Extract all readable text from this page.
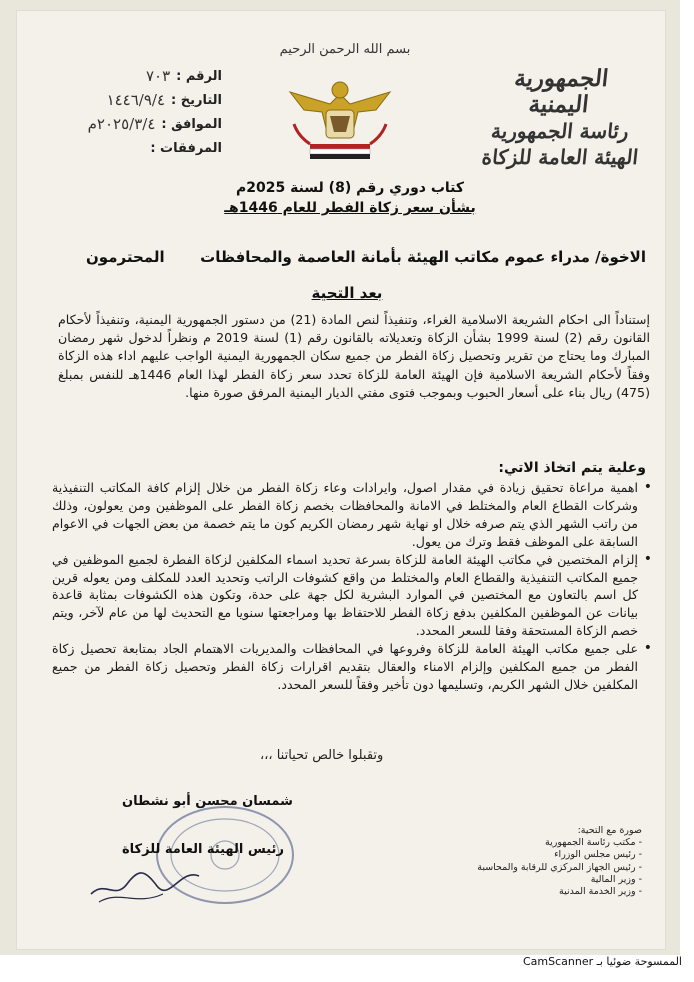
الجمهورية اليمنية
رئاسة الجمهورية
الهيئة العامة للزكاة
بسم الله الرحمن الرحيم
الرقم :
٧٠٣
التاريخ :
١٤٤٦/٩/٤
الموافق :
٢٠٢٥/٣/٤م
المرفقات :
كتاب دوري رقم (8) لسنة 2025م
بشأن سعر زكاة الفطر للعام 1446هـ
الاخوة/ مدراء عموم مكاتب الهيئة بأمانة العاصمة والمحافظات
المحترمون
بعد التحية
إستناداً الى احكام الشريعة الاسلامية الغراء، وتنفيذاً لنص المادة (21) من دستور الجمهورية اليمنية، وتنفيذاً لأحكام القانون رقم (2) لسنة 1999 بشأن الزكاة وتعديلاته بالقانون رقم (1) لسنة 2019 م ونظراً لدخول شهر رمضان المبارك وما يحتاج من تقرير وتحصيل زكاة الفطر من جميع سكان الجمهورية اليمنية الواجب عليهم اداء هذه الزكاة وفقاً لأحكام الشريعة الاسلامية فإن الهيئة العامة للزكاة تحدد سعر زكاة الفطر لهذا العام 1446هـ للنفس بمبلغ (475) ريال بناء على أسعار الحبوب وبموجب فتوى مفتي الديار اليمنية المرفق صورة منها.
وعلية يتم اتخاذ الاتي:
• اهمية مراعاة تحقيق زيادة في مقدار اصول، وايرادات وعاء زكاة الفطر من خلال إلزام كافة المكاتب التنفيذية وشركات القطاع العام والمختلط في الامانة والمحافظات بخصم زكاة الفطر على الموظفين ومن يعولون، وذلك من راتب الشهر الذي يتم صرفه خلال او نهاية شهر رمضان الكريم كون ما يتم خصمة من بعض الجهات في الاعوام السابقة على الموظف فقط وترك من يعول.
• إلزام المختصين في مكاتب الهيئة العامة للزكاة بسرعة تحديد اسماء المكلفين لزكاة الفطرة لجميع الموظفين في جميع المكاتب التنفيذية والقطاع العام والمختلط من واقع كشوفات الراتب وتحديد العدد للمكلف ومن يعوله قرين كل اسم بالتعاون مع المختصين في الموارد البشرية لكل جهة على حدة، وتكون هذه الكشوفات بمثابة قاعدة بيانات عن الموظفين المكلفين بدفع زكاة الفطر للاحتفاظ بها ومراجعتها سنويا مع التحديث لها من عام لآخر، ويتم خصم الزكاة المستحقة وفقا للسعر المحدد.
• على جميع مكاتب الهيئة العامة للزكاة وفروعها في المحافظات والمديريات الاهتمام الجاد بمتابعة تحصيل زكاة الفطر من جميع المكلفين وإلزام الامناء والعقال بتقديم اقرارات زكاة الفطر وتحصيل زكاة الفطر من جميع المكلفين خلال الشهر الكريم، وتسليمها دون تأخير وفقاً للسعر المحدد.
وتقبلوا خالص تحياتنا ،،،
شمسان محسن أبو نشطان
رئيس الهيئة العامة للزكاة
صورة مع التحية:
- مكتب رئاسة الجمهورية
- رئيس مجلس الوزراء
- رئيس الجهاز المركزي للرقابة والمحاسبة
- وزير المالية
- وزير الخدمة المدنية
CamScanner الممسوحة ضوئيا بـ
